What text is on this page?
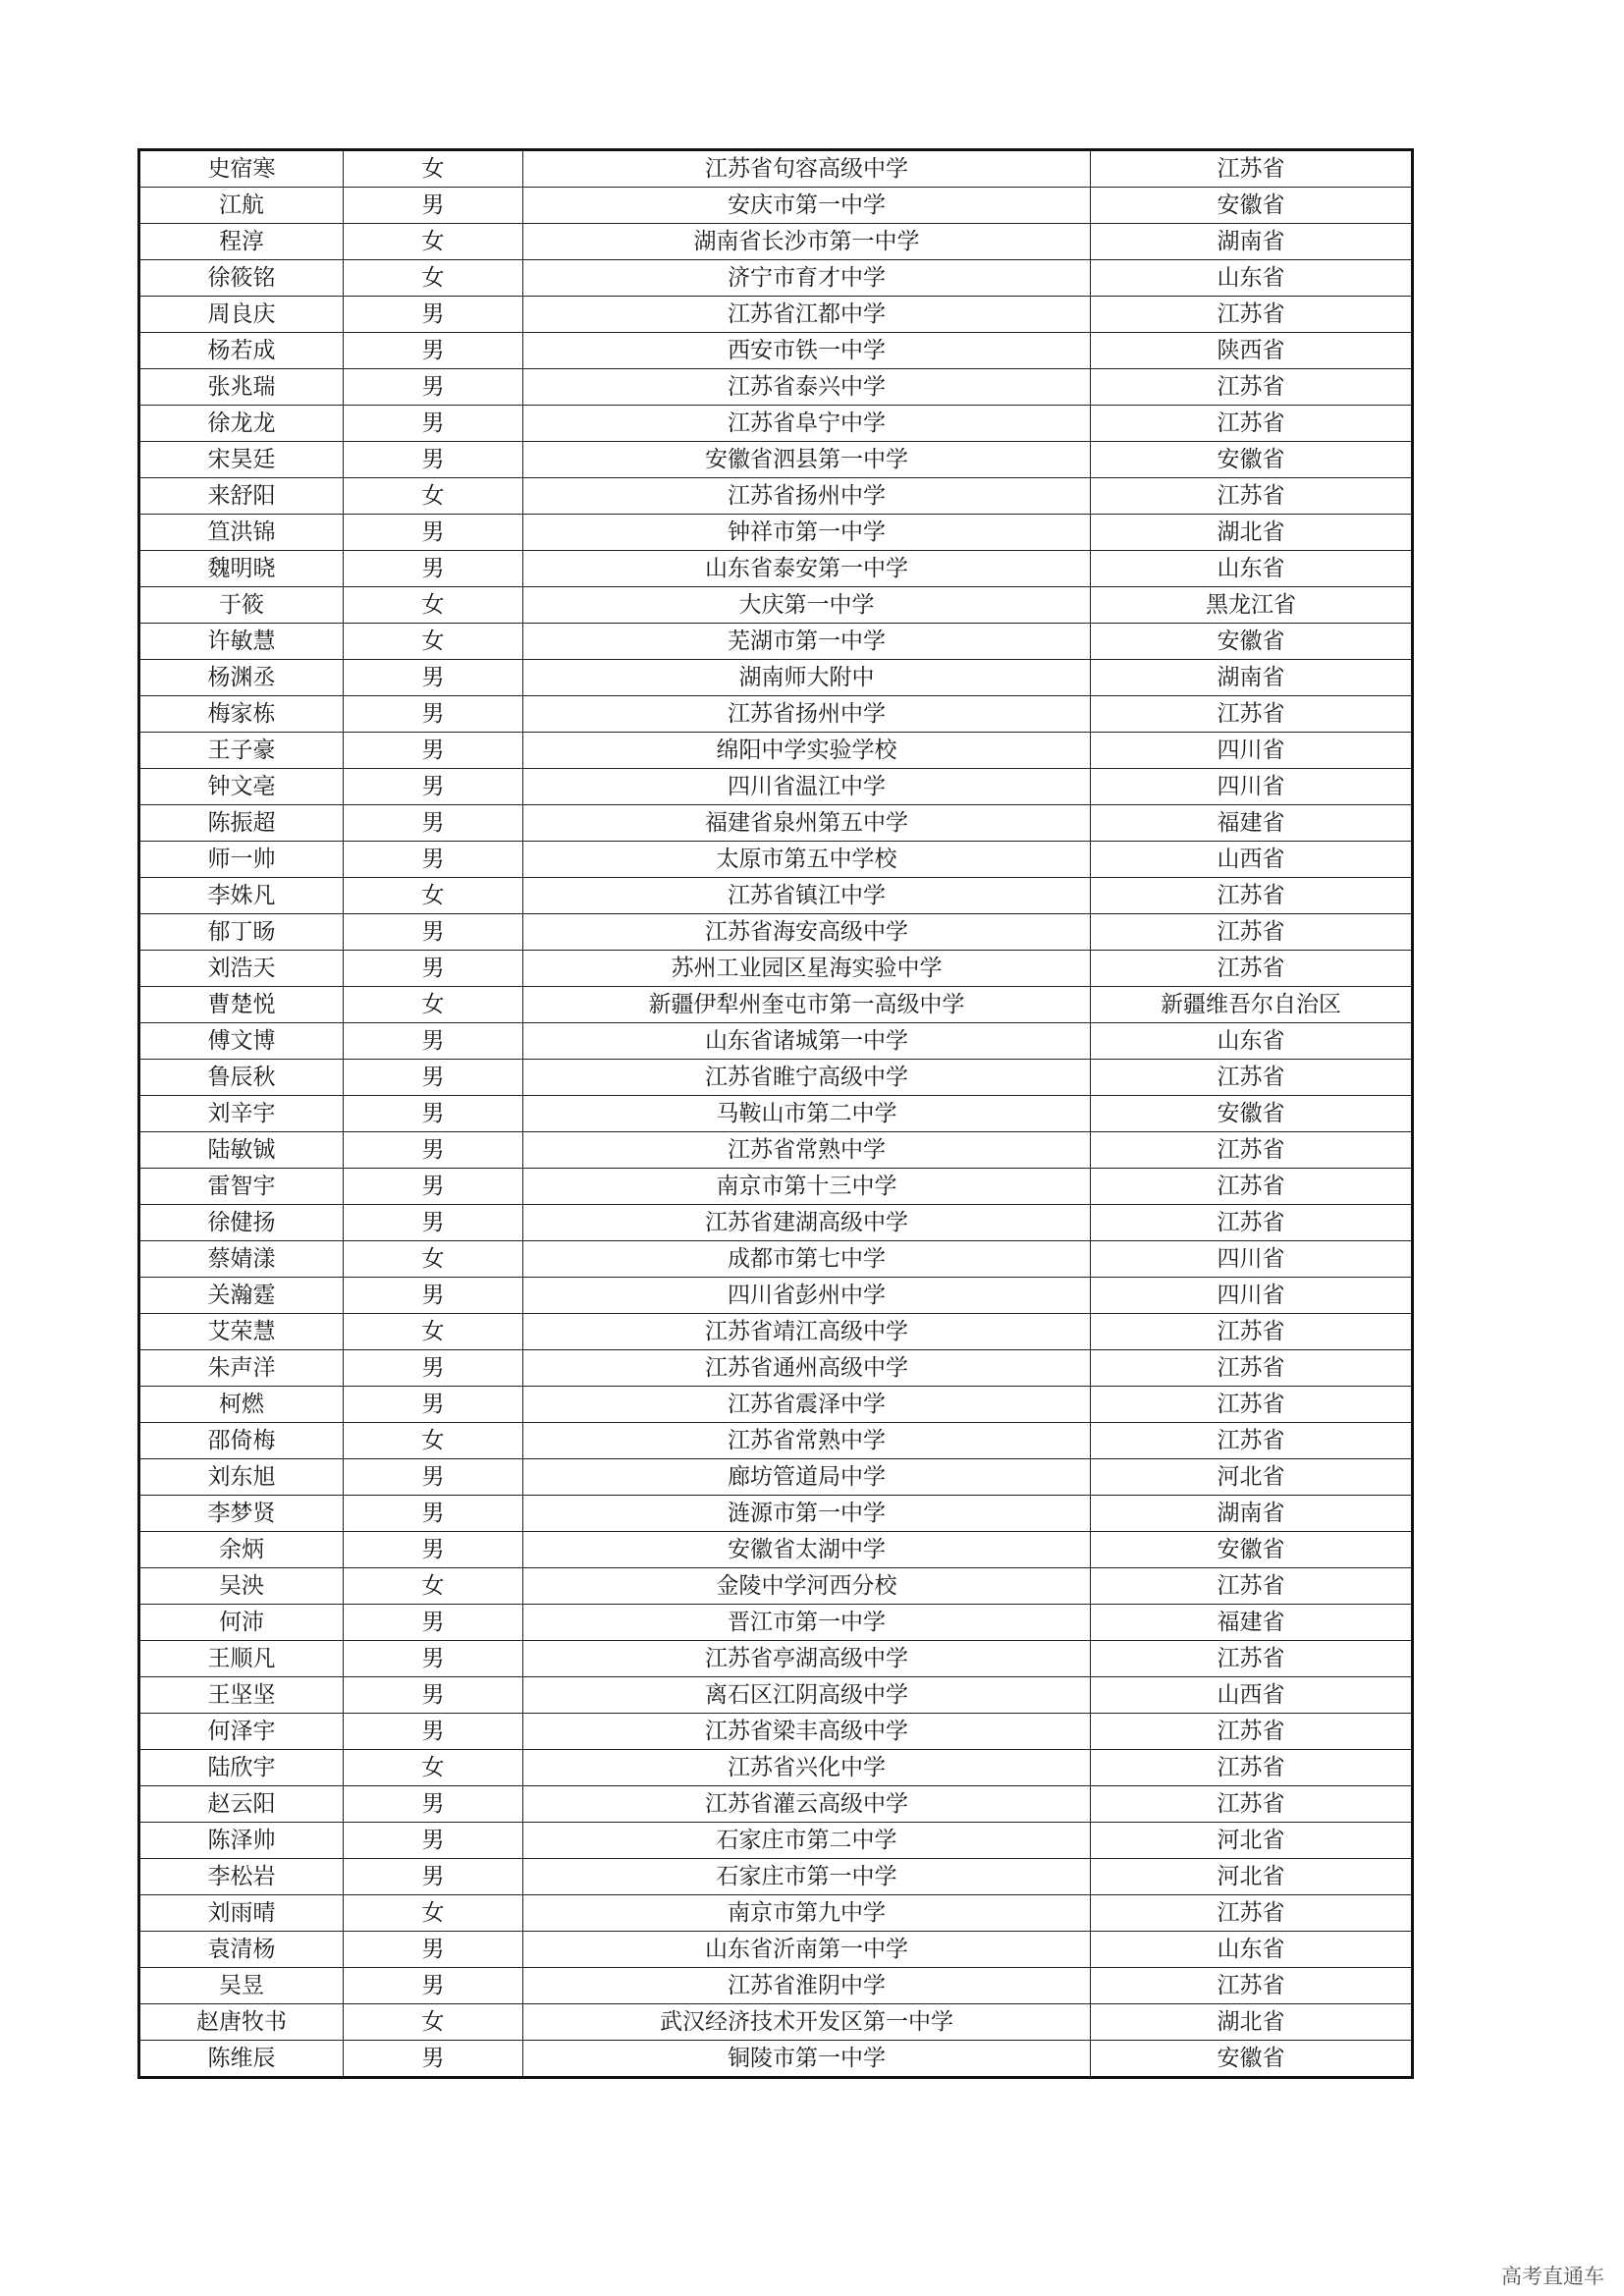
史宿寒	女	江苏省句容高级中学	江苏省
江航	男	安庆市第一中学	安徽省
程淳	女	湖南省长沙市第一中学	湖南省
徐筱铭	女	济宁市育才中学	山东省
周良庆	男	江苏省江都中学	江苏省
杨若成	男	西安市铁一中学	陕西省
张兆瑞	男	江苏省泰兴中学	江苏省
徐龙龙	男	江苏省阜宁中学	江苏省
宋昊廷	男	安徽省泗县第一中学	安徽省
来舒阳	女	江苏省扬州中学	江苏省
笪洪锦	男	钟祥市第一中学	湖北省
魏明晓	男	山东省泰安第一中学	山东省
于筱	女	大庆第一中学	黑龙江省
许敏慧	女	芜湖市第一中学	安徽省
杨渊丞	男	湖南师大附中	湖南省
梅家栋	男	江苏省扬州中学	江苏省
王子豪	男	绵阳中学实验学校	四川省
钟文亳	男	四川省温江中学	四川省
陈振超	男	福建省泉州第五中学	福建省
师一帅	男	太原市第五中学校	山西省
李姝凡	女	江苏省镇江中学	江苏省
郁丁旸	男	江苏省海安高级中学	江苏省
刘浩天	男	苏州工业园区星海实验中学	江苏省
曹楚悦	女	新疆伊犁州奎屯市第一高级中学	新疆维吾尔自治区
傅文博	男	山东省诸城第一中学	山东省
鲁辰秋	男	江苏省睢宁高级中学	江苏省
刘辛宇	男	马鞍山市第二中学	安徽省
陆敏铖	男	江苏省常熟中学	江苏省
雷智宇	男	南京市第十三中学	江苏省
徐健扬	男	江苏省建湖高级中学	江苏省
蔡婧漾	女	成都市第七中学	四川省
关瀚霆	男	四川省彭州中学	四川省
艾荣慧	女	江苏省靖江高级中学	江苏省
朱声洋	男	江苏省通州高级中学	江苏省
柯燃	男	江苏省震泽中学	江苏省
邵倚梅	女	江苏省常熟中学	江苏省
刘东旭	男	廊坊管道局中学	河北省
李梦贤	男	涟源市第一中学	湖南省
余炳	男	安徽省太湖中学	安徽省
吴泱	女	金陵中学河西分校	江苏省
何沛	男	晋江市第一中学	福建省
王顺凡	男	江苏省亭湖高级中学	江苏省
王坚坚	男	离石区江阴高级中学	山西省
何泽宇	男	江苏省梁丰高级中学	江苏省
陆欣宇	女	江苏省兴化中学	江苏省
赵云阳	男	江苏省灌云高级中学	江苏省
陈泽帅	男	石家庄市第二中学	河北省
李松岩	男	石家庄市第一中学	河北省
刘雨晴	女	南京市第九中学	江苏省
袁清杨	男	山东省沂南第一中学	山东省
吴昱	男	江苏省淮阴中学	江苏省
赵唐牧书	女	武汉经济技术开发区第一中学	湖北省
陈维辰	男	铜陵市第一中学	安徽省
高考直通车
